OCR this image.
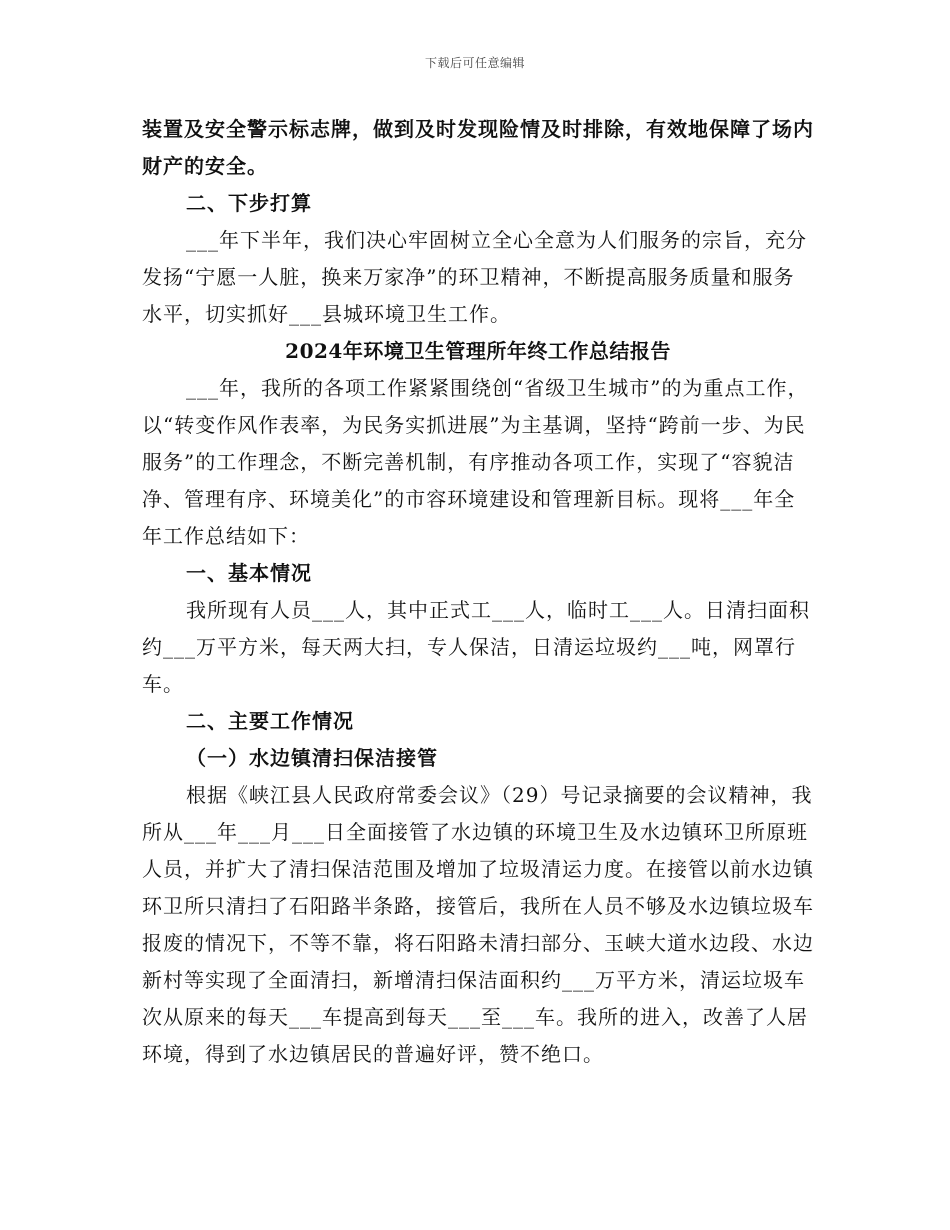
下载后可任意编辑

装置及安全警示标志牌，做到及时发现险情及时排除，有效地保障了场内财产的安全。

二、下步打算

___年下半年，我们决心牢固树立全心全意为人们服务的宗旨，充分发扬“宁愿一人脏，换来万家净”的环卫精神，不断提高服务质量和服务水平，切实抓好___县城环境卫生工作。

2024年环境卫生管理所年终工作总结报告

___年，我所的各项工作紧紧围绕创“省级卫生城市”的为重点工作，以“转变作风作表率，为民务实抓进展”为主基调，坚持“跨前一步、为民服务”的工作理念，不断完善机制，有序推动各项工作，实现了“容貌洁净、管理有序、环境美化”的市容环境建设和管理新目标。现将___年全年工作总结如下：

一、基本情况

我所现有人员___人，其中正式工___人，临时工___人。日清扫面积约___万平方米，每天两大扫，专人保洁，日清运垃圾约___吨，网罩行车。

二、主要工作情况

（一）水边镇清扫保洁接管

根据《峡江县人民政府常委会议》（29）号记录摘要的会议精神，我所从___年___月___日全面接管了水边镇的环境卫生及水边镇环卫所原班人员，并扩大了清扫保洁范围及增加了垃圾清运力度。在接管以前水边镇环卫所只清扫了石阳路半条路，接管后，我所在人员不够及水边镇垃圾车报废的情况下，不等不靠，将石阳路未清扫部分、玉峡大道水边段、水边新村等实现了全面清扫，新增清扫保洁面积约___万平方米，清运垃圾车次从原来的每天___车提高到每天___至___车。我所的进入，改善了人居环境，得到了水边镇居民的普遍好评，赞不绝口。
